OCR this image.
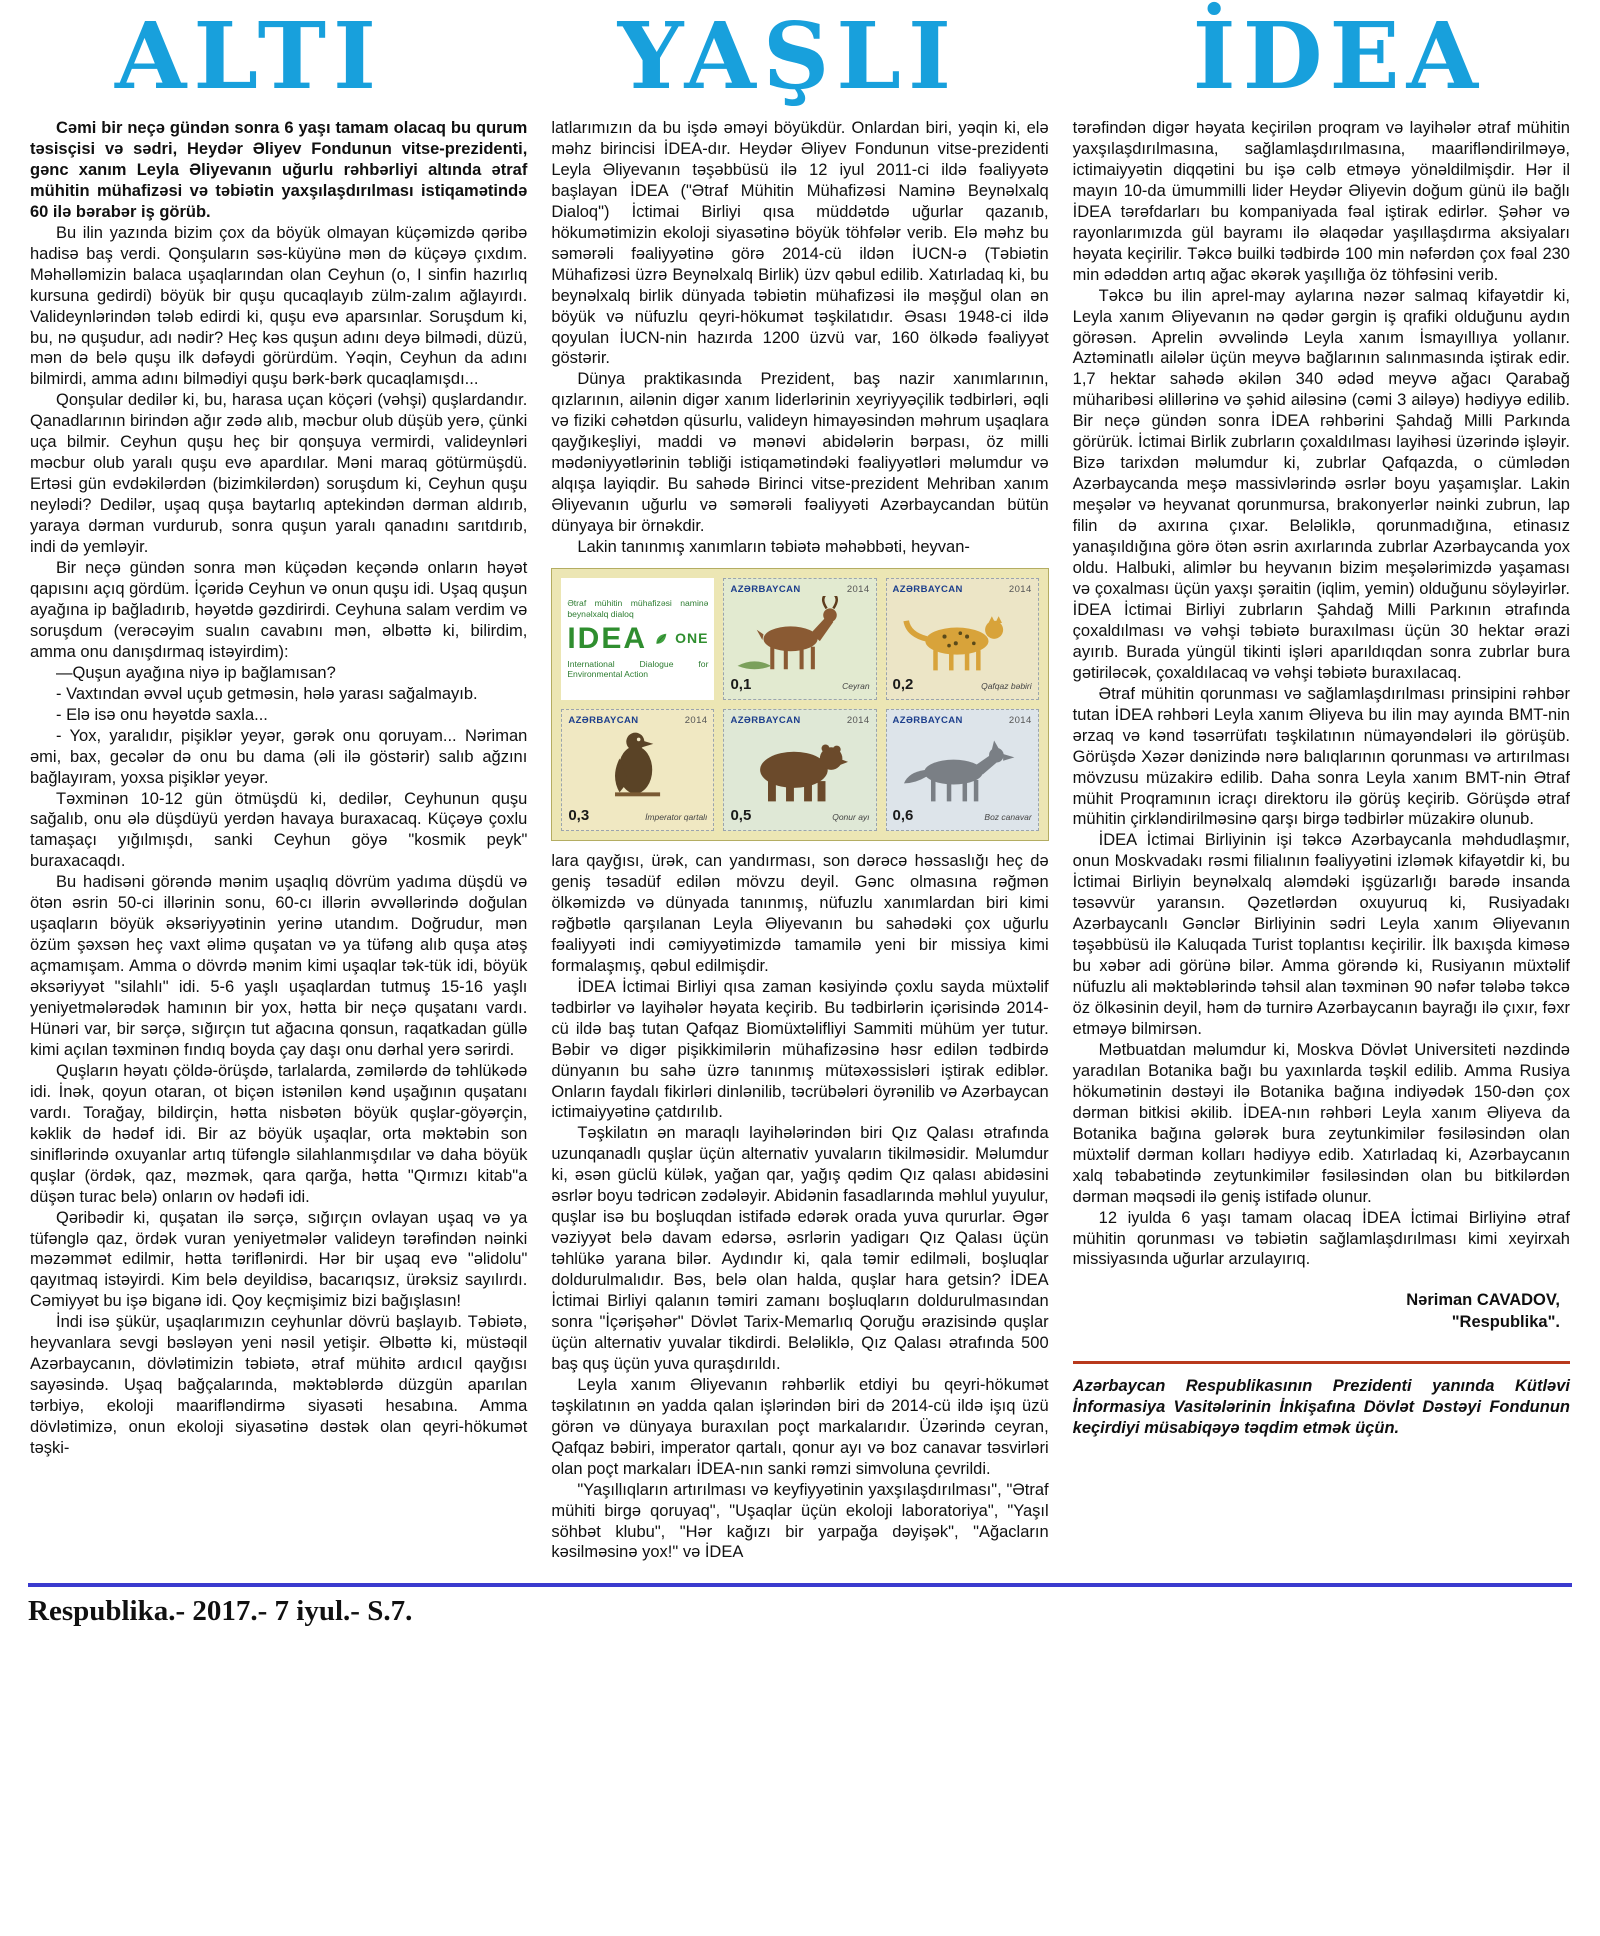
ALTI	YAŞLI	İDEA

Cəmi bir neçə gündən sonra 6 yaşı tamam olacaq bu qurum təsisçisi və sədri, Heydər Əliyev Fondunun vitse-prezidenti, gənc xanım Leyla Əliyevanın uğurlu rəhbərliyi altında ətraf mühitin mühafizəsi və təbiətin yaxşılaşdırılması istiqamətində 60 ilə bərabər iş görüb.

Bu ilin yazında bizim çox da böyük olmayan küçəmizdə qəribə hadisə baş verdi. Qonşuların səs-küyünə mən də küçəyə çıxdım. Məhəlləmizin balaca uşaqlarından olan Ceyhun (o, I sinfin hazırlıq kursuna gedirdi) böyük bir quşu qucaqlayıb zülm-zalım ağlayırdı. Valideynlərindən tələb edirdi ki, quşu evə aparsınlar. Soruşdum ki, bu, nə quşudur, adı nədir? Heç kəs quşun adını deyə bilmədi, düzü, mən də belə quşu ilk dəfəydi görürdüm. Yəqin, Ceyhun da adını bilmirdi, amma adını bilmədiyi quşu bərk-bərk qucaqlamışdı...

Qonşular dedilər ki, bu, harasa uçan köçəri (vəhşi) quşlardandır. Qanadlarının birindən ağır zədə alıb, məcbur olub düşüb yerə, çünki uça bilmir. Ceyhun quşu heç bir qonşuya vermirdi, valideynləri məcbur olub yaralı quşu evə apardılar. Məni maraq götürmüşdü. Ertəsi gün evdəkilərdən (bizimkilərdən) soruşdum ki, Ceyhun quşu neylədi? Dedilər, uşaq quşa baytarlıq aptekindən dərman aldırıb, yaraya dərman vurdurub, sonra quşun yaralı qanadını sarıtdırıb, indi də yemləyir.

Bir neçə gündən sonra mən küçədən keçəndə onların həyət qapısını açıq gördüm. İçəridə Ceyhun və onun quşu idi. Uşaq quşun ayağına ip bağladırıb, həyətdə gəzdirirdi. Ceyhuna salam verdim və soruşdum (verəcəyim sualın cavabını mən, əlbəttə ki, bilirdim, amma onu danışdırmaq istəyirdim):

—Quşun ayağına niyə ip bağlamısan?

- Vaxtından əvvəl uçub getməsin, hələ yarası sağalmayıb.

- Elə isə onu həyətdə saxla...

- Yox, yaralıdır, pişiklər yeyər, gərək onu qoruyam... Nəriman əmi, bax, gecələr də onu bu dama (əli ilə göstərir) salıb ağzını bağlayıram, yoxsa pişiklər yeyər.

Təxminən 10-12 gün ötmüşdü ki, dedilər, Ceyhunun quşu sağalıb, onu ələ düşdüyü yerdən havaya buraxacaq. Küçəyə çoxlu tamaşaçı yığılmışdı, sanki Ceyhun göyə "kosmik peyk" buraxacaqdı.

Bu hadisəni görəndə mənim uşaqlıq dövrüm yadıma düşdü və ötən əsrin 50-ci illərinin sonu, 60-cı illərin əvvəllərində doğulan uşaqların böyük əksəriyyətinin yerinə utandım. Doğrudur, mən özüm şəxsən heç vaxt əlimə quşatan və ya tüfəng alıb quşa atəş açmamışam. Amma o dövrdə mənim kimi uşaqlar tək-tük idi, böyük əksəriyyət "silahlı" idi. 5-6 yaşlı uşaqlardan tutmuş 15-16 yaşlı yeniyetmələrədək hamının bir yox, hətta bir neçə quşatanı vardı. Hünəri var, bir sərçə, sığırçın tut ağacına qonsun, raqatkadan güllə kimi açılan təxminən fındıq boyda çay daşı onu dərhal yerə sərirdi.

Quşların həyatı çöldə-örüşdə, tarlalarda, zəmilərdə də təhlükədə idi. İnək, qoyun otaran, ot biçən istənilən kənd uşağının quşatanı vardı. Torağay, bildirçin, hətta nisbətən böyük quşlar-göyərçin, kəklik də hədəf idi. Bir az böyük uşaqlar, orta məktəbin son siniflərində oxuyanlar artıq tüfənglə silahlanmışdılar və daha böyük quşlar (ördək, qaz, məzmək, qara qarğa, hətta "Qırmızı kitab"a düşən turac belə) onların ov hədəfi idi.

Qəribədir ki, quşatan ilə sərçə, sığırçın ovlayan uşaq və ya tüfənglə qaz, ördək vuran yeniyetmələr valideyn tərəfindən nəinki məzəmmət edilmir, hətta təriflənirdi. Hər bir uşaq evə "əlidolu" qayıtmaq istəyirdi. Kim belə deyildisə, bacarıqsız, ürəksiz sayılırdı. Cəmiyyət bu işə biganə idi. Qoy keçmişimiz bizi bağışlasın!

İndi isə şükür, uşaqlarımızın ceyhunlar dövrü başlayıb. Təbiətə, heyvanlara sevgi bəsləyən yeni nəsil yetişir. Əlbəttə ki, müstəqil Azərbaycanın, dövlətimizin təbiətə, ətraf mühitə ardıcıl qayğısı sayəsində. Uşaq bağçalarında, məktəblərdə düzgün aparılan tərbiyə, ekoloji maarifləndirmə siyasəti hesabına. Amma dövlətimizə, onun ekoloji siyasətinə dəstək olan qeyri-hökumət təşki-

latlarımızın da bu işdə əməyi böyükdür. Onlardan biri, yəqin ki, elə məhz birincisi İDEA-dır. Heydər Əliyev Fondunun vitse-prezidenti Leyla Əliyevanın təşəbbüsü ilə 12 iyul 2011-ci ildə fəaliyyətə başlayan İDEA ("Ətraf Mühitin Mühafizəsi Naminə Beynəlxalq Dialoq") İctimai Birliyi qısa müddətdə uğurlar qazanıb, hökumətimizin ekoloji siyasətinə böyük töhfələr verib. Elə məhz bu səmərəli fəaliyyətinə görə 2014-cü ildən İUCN-ə (Təbiətin Mühafizəsi üzrə Beynəlxalq Birlik) üzv qəbul edilib. Xatırladaq ki, bu beynəlxalq birlik dünyada təbiətin mühafizəsi ilə məşğul olan ən böyük və nüfuzlu qeyri-hökumət təşkilatıdır. Əsası 1948-ci ildə qoyulan İUCN-nin hazırda 1200 üzvü var, 160 ölkədə fəaliyyət göstərir.

Dünya praktikasında Prezident, baş nazir xanımlarının, qızlarının, ailənin digər xanım liderlərinin xeyriyyəçilik tədbirləri, əqli və fiziki cəhətdən qüsurlu, valideyn himayəsindən məhrum uşaqlara qayğıkeşliyi, maddi və mənəvi abidələrin bərpası, öz milli mədəniyyətlərinin təbliği istiqamətindəki fəaliyyətləri məlumdur və alqışa layiqdir. Bu sahədə Birinci vitse-prezident Mehriban xanım Əliyevanın uğurlu və səmərəli fəaliyyəti Azərbaycandan bütün dünyaya bir örnəkdir.

Lakin tanınmış xanımların təbiətə məhəbbəti, heyvan-

Ətraf mühitin mühafizəsi naminə beynəlxalq dialoq
IDEA ONE
International Dialogue for Environmental Action
AZƏRBAYCAN	2014
0,1	Ceyran
AZƏRBAYCAN	2014
0,2	Qafqaz bəbiri
AZƏRBAYCAN	2014
0,3	İmperator qartalı
AZƏRBAYCAN	2014
0,5	Qonur ayı
AZƏRBAYCAN	2014
0,6	Boz canavar

lara qayğısı, ürək, can yandırması, son dərəcə həssaslığı heç də geniş təsadüf edilən mövzu deyil. Gənc olmasına rəğmən ölkəmizdə və dünyada tanınmış, nüfuzlu xanımlardan biri kimi rəğbətlə qarşılanan Leyla Əliyevanın bu sahədəki çox uğurlu fəaliyyəti indi cəmiyyətimizdə tamamilə yeni bir missiya kimi formalaşmış, qəbul edilmişdir.

İDEA İctimai Birliyi qısa zaman kəsiyində çoxlu sayda müxtəlif tədbirlər və layihələr həyata keçirib. Bu tədbirlərin içərisində 2014-cü ildə baş tutan Qafqaz Biomüxtəlifliyi Sammiti mühüm yer tutur. Bəbir və digər pişikkimilərin mühafizəsinə həsr edilən tədbirdə dünyanın bu sahə üzrə tanınmış mütəxəssisləri iştirak ediblər. Onların faydalı fikirləri dinlənilib, təcrübələri öyrənilib və Azərbaycan ictimaiyyətinə çatdırılıb.

Təşkilatın ən maraqlı layihələrindən biri Qız Qalası ətrafında uzunqanadlı quşlar üçün alternativ yuvaların tikilməsidir. Məlumdur ki, əsən güclü külək, yağan qar, yağış qədim Qız qalası abidəsini əsrlər boyu tədricən zədələyir. Abidənin fasadlarında məhlul yuyulur, quşlar isə bu boşluqdan istifadə edərək orada yuva qururlar. Əgər vəziyyət belə davam edərsə, əsrlərin yadigarı Qız Qalası üçün təhlükə yarana bilər. Aydındır ki, qala təmir edilməli, boşluqlar doldurulmalıdır. Bəs, belə olan halda, quşlar hara getsin? İDEA İctimai Birliyi qalanın təmiri zamanı boşluqların doldurulmasından sonra "İçərişəhər" Dövlət Tarix-Memarlıq Qoruğu ərazisində quşlar üçün alternativ yuvalar tikdirdi. Beləliklə, Qız Qalası ətrafında 500 baş quş üçün yuva quraşdırıldı.

Leyla xanım Əliyevanın rəhbərlik etdiyi bu qeyri-hökumət təşkilatının ən yadda qalan işlərindən biri də 2014-cü ildə işıq üzü görən və dünyaya buraxılan poçt markalarıdır. Üzərində ceyran, Qafqaz bəbiri, imperator qartalı, qonur ayı və boz canavar təsvirləri olan poçt markaları İDEA-nın sanki rəmzi simvoluna çevrildi.

"Yaşıllıqların artırılması və keyfiyyətinin yaxşılaşdırılması", "Ətraf mühiti birgə qoruyaq", "Uşaqlar üçün ekoloji laboratoriya", "Yaşıl söhbət klubu", "Hər kağızı bir yarpağa dəyişək", "Ağacların kəsilməsinə yox!" və İDEA

tərəfindən digər həyata keçirilən proqram və layihələr ətraf mühitin yaxşılaşdırılmasına, sağlamlaşdırılmasına, maarifləndirilməyə, ictimaiyyətin diqqətini bu işə cəlb etməyə yönəldilmişdir. Hər il mayın 10-da ümummilli lider Heydər Əliyevin doğum günü ilə bağlı İDEA tərəfdarları bu kompaniyada fəal iştirak edirlər. Şəhər və rayonlarımızda gül bayramı ilə əlaqədar yaşıllaşdırma aksiyaları həyata keçirilir. Təkcə builki tədbirdə 100 min nəfərdən çox fəal 230 min ədəddən artıq ağac əkərək yaşıllığa öz töhfəsini verib.

Təkcə bu ilin aprel-may aylarına nəzər salmaq kifayətdir ki, Leyla xanım Əliyevanın nə qədər gərgin iş qrafiki olduğunu aydın görəsən. Aprelin əvvəlində Leyla xanım İsmayıllıya yollanır. Aztəminatlı ailələr üçün meyvə bağlarının salınmasında iştirak edir. 1,7 hektar sahədə əkilən 340 ədəd meyvə ağacı Qarabağ müharibəsi əlillərinə və şəhid ailəsinə (cəmi 3 ailəyə) hədiyyə edilib. Bir neçə gündən sonra İDEA rəhbərini Şahdağ Milli Parkında görürük. İctimai Birlik zubrların çoxaldılması layihəsi üzərində işləyir. Bizə tarixdən məlumdur ki, zubrlar Qafqazda, o cümlədən Azərbaycanda meşə massivlərində əsrlər boyu yaşamışlar. Lakin meşələr və heyvanat qorunmursa, brakonyerlər nəinki zubrun, lap filin də axırına çıxar. Beləliklə, qorunmadığına, etinasız yanaşıldığına görə ötən əsrin axırlarında zubrlar Azərbaycanda yox oldu. Halbuki, alimlər bu heyvanın bizim meşələrimizdə yaşaması və çoxalması üçün yaxşı şəraitin (iqlim, yemin) olduğunu söyləyirlər. İDEA İctimai Birliyi zubrların Şahdağ Milli Parkının ətrafında çoxaldılması və vəhşi təbiətə buraxılması üçün 30 hektar ərazi ayırıb. Burada yüngül tikinti işləri aparıldıqdan sonra zubrlar bura gətiriləcək, çoxaldılacaq və vəhşi təbiətə buraxılacaq.

Ətraf mühitin qorunması və sağlamlaşdırılması prinsipini rəhbər tutan İDEA rəhbəri Leyla xanım Əliyeva bu ilin may ayında BMT-nin ərzaq və kənd təsərrüfatı təşkilatının nümayəndələri ilə görüşüb. Görüşdə Xəzər dənizində nərə balıqlarının qorunması və artırılması mövzusu müzakirə edilib. Daha sonra Leyla xanım BMT-nin Ətraf mühit Proqramının icraçı direktoru ilə görüş keçirib. Görüşdə ətraf mühitin çirkləndirilməsinə qarşı birgə tədbirlər müzakirə olunub.

İDEA İctimai Birliyinin işi təkcə Azərbaycanla məhdudlaşmır, onun Moskvadakı rəsmi filialının fəaliyyətini izləmək kifayətdir ki, bu İctimai Birliyin beynəlxalq aləmdəki işgüzarlığı barədə insanda təsəvvür yaransın. Qəzetlərdən oxuyuruq ki, Rusiyadakı Azərbaycanlı Gənclər Birliyinin sədri Leyla xanım Əliyevanın təşəbbüsü ilə Kaluqada Turist toplantısı keçirilir. İlk baxışda kiməsə bu xəbər adi görünə bilər. Amma görəndə ki, Rusiyanın müxtəlif nüfuzlu ali məktəblərində təhsil alan təxminən 90 nəfər tələbə təkcə öz ölkəsinin deyil, həm də turnirə Azərbaycanın bayrağı ilə çıxır, fəxr etməyə bilmirsən.

Mətbuatdan məlumdur ki, Moskva Dövlət Universiteti nəzdində yaradılan Botanika bağı bu yaxınlarda təşkil edilib. Amma Rusiya hökumətinin dəstəyi ilə Botanika bağına indiyədək 150-dən çox dərman bitkisi əkilib. İDEA-nın rəhbəri Leyla xanım Əliyeva da Botanika bağına gələrək bura zeytunkimilər fəsiləsindən olan müxtəlif dərman kolları hədiyyə edib. Xatırladaq ki, Azərbaycanın xalq təbabətində zeytunkimilər fəsiləsindən olan bu bitkilərdən dərman məqsədi ilə geniş istifadə olunur.

12 iyulda 6 yaşı tamam olacaq İDEA İctimai Birliyinə ətraf mühitin qorunması və təbiətin sağlamlaşdırılması kimi xeyirxah missiyasında uğurlar arzulayırıq.

Nəriman CAVADOV,
"Respublika".

Azərbaycan Respublikasının Prezidenti yanında Kütləvi İnformasiya Vasitələrinin İnkişafına Dövlət Dəstəyi Fondunun keçirdiyi müsabiqəyə təqdim etmək üçün.

Respublika.- 2017.- 7 iyul.- S.7.
